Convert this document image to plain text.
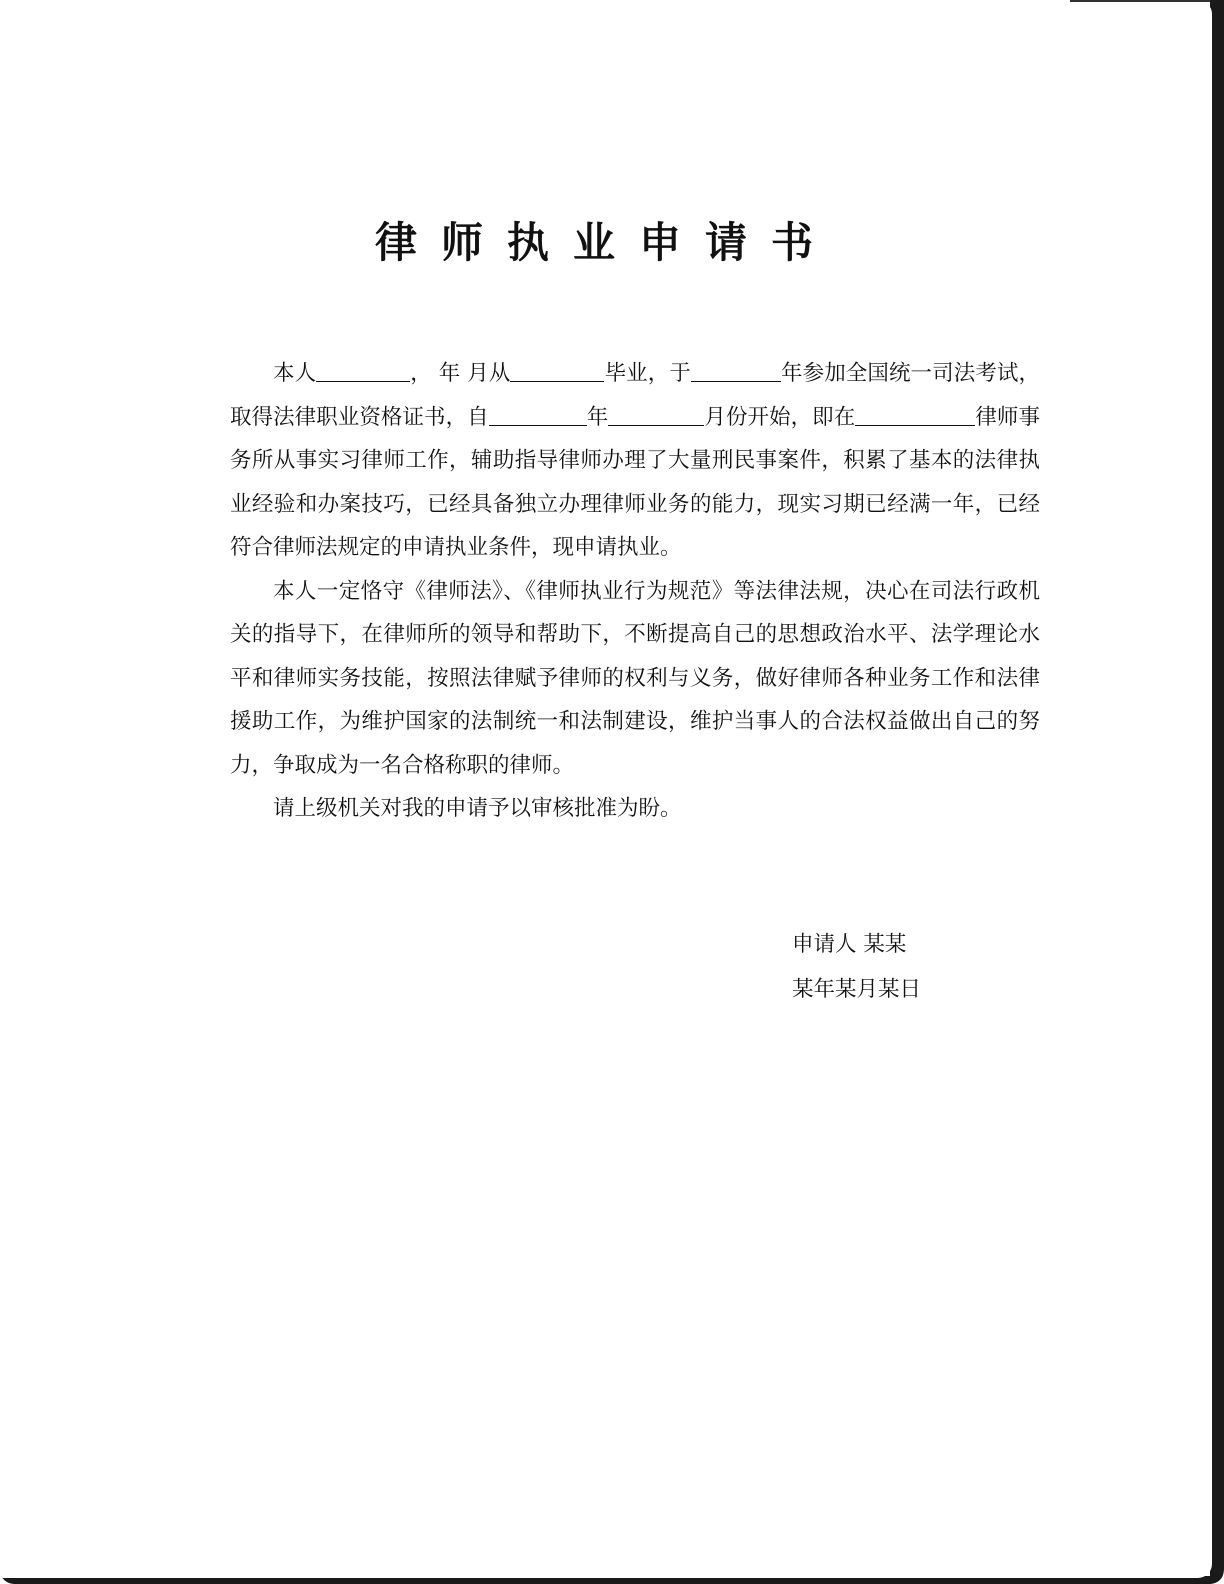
律师执业申请书

本人	， 年 月从	毕业，于	年参加全国统一司法考试，取得法律职业资格证书，自	年	月份开始，即在	律师事务所从事实习律师工作，辅助指导律师办理了大量刑民事案件，积累了基本的法律执业经验和办案技巧，已经具备独立办理律师业务的能力，现实习期已经满一年，已经符合律师法规定的申请执业条件，现申请执业。

本人一定恪守《律师法》、《律师执业行为规范》等法律法规，决心在司法行政机关的指导下，在律师所的领导和帮助下，不断提高自己的思想政治水平、法学理论水平和律师实务技能，按照法律赋予律师的权利与义务，做好律师各种业务工作和法律援助工作，为维护国家的法制统一和法制建设，维护当事人的合法权益做出自己的努力，争取成为一名合格称职的律师。

请上级机关对我的申请予以审核批准为盼。

申请人 某某
某年某月某日
